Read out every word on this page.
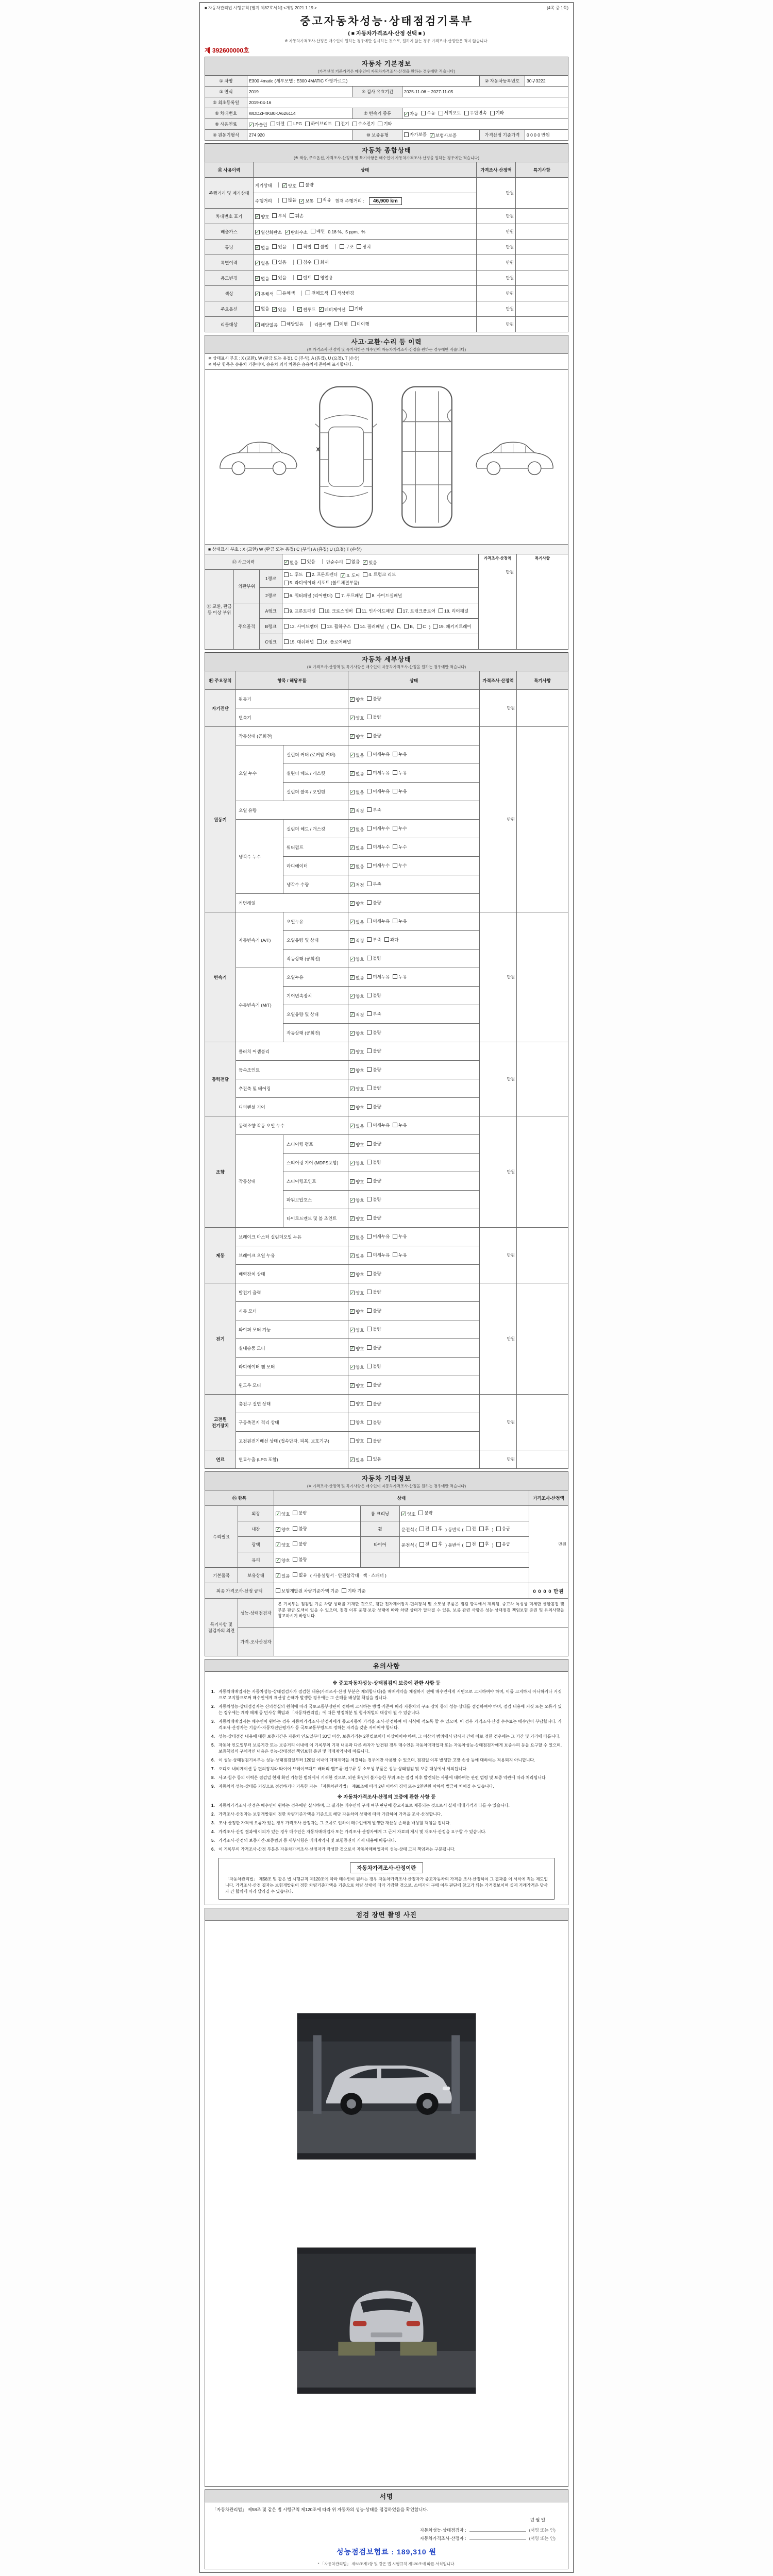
■ 자동차관리법 시행규칙 [별지 제82호서식] <개정 2021.1.19.>	(4쪽 중 1쪽)
중고자동차성능·상태점검기록부
( ■ 자동차가격조사·산정 선택 ■ )
※ 자동차가격조사·산정은 매수인이 원하는 경우에만 실시하는 것으로, 원하지 않는 경우 가격조사·산정란은 적지 않습니다.
제 392600000호
자동차 기본정보
(가격산정 기준가격은 매수인이 자동차가격조사·산정을 원하는 경우에만 적습니다)
① 차명	E300 4matic (세부모델 : E300 4MATIC 아방가르드)			② 자동차등록번호	30구3222
③ 연식	2019	④ 검사 유효기간	2025-11-06 ~ 2027-11-05		
⑤ 최초등록일	2019-04-16				
⑥ 차대번호	WDDZF4KB0KA626114	⑦ 변속기 종류	✓ 자동 수동 세미오토 무단변속 기타

⑧ 사용연료	✓ 가솔린 디젤 LPG 하이브리드 전기 수소전기 기타

⑨ 원동기형식	274 920	⑩ 보증유형	자가보증 ✓ 보험사보증	가격산정 기준가격	0 0 0 0 만원
자동차 종합상태
(※ 색상, 주요옵션, 가격조사·산정액 및 특기사항은 매수인이 자동차가격조사·산정을 원하는 경우에만 적습니다)
⑪ 사용이력	상태	가격조사·산정액	특기사항
주행거리 및 계기상태	계기상태 ✓ 양호 불량	만원	
주행거리	많음 ✓ 보통 적음 현재 주행거리 : 46,900 km
차대번호 표기	✓ 양호 부식 훼손	만원	
배출가스	✓ 일산화탄소 ✓ 탄화수소 매연 0.18 %, 5 ppm, %	만원	
튜닝	✓ 없음 있음	적법 불법	구조 장치	만원	
특별이력	✓ 없음 있음 침수 화재	만원	
용도변경	✓ 없음 있음 렌트 영업용	만원	
색상	✓ 무채색 유채색 전체도색 색상변경	만원	
주요옵션	없음 ✓ 있음 ✓ 썬루프 ✓ 네비게이션 기타	만원	
리콜대상	✓ 해당없음 해당있음 리콜이행 이행 미이행	만원	
사고·교환·수리 등 이력
(※ 가격조사·산정액 및 특기사항은 매수인이 자동차가격조사·산정을 원하는 경우에만 적습니다)
※ 상태표시 부호 : X (교환), W (판금 또는 용접), C (부식), A (흠집), U (요철), T (손상)
※ 하단 항목은 승용차 기준이며, 승용차 외의 차종은 승용차에 준하여 표시합니다.
X
■ 상태표시 부호 : X (교환) W (판금 또는 용접) C (부식) A (흠집) U (요철) T (손상)
⑫ 사고이력	✓ 없음 있음 단순수리 없음 ✓ 있음

가격조사·산정액
만원

특기사항

⑬ 교환, 판금 등 이상 부위	외판부위	1랭크	
1. 후드 2. 프론트펜더 ✓ 3. 도어 4. 트렁크 리드
5. 라디에이터 서포트 (볼트체결부품)

		2랭크	6. 쿼터패널 (리어펜더) 7. 루프패널 8. 사이드실패널		

	주요골격	A랭크	9. 프론트패널 10. 크로스멤버 11. 인사이드패널 17. 트렁크플로어 18. 리어패널		

B랭크	12. 사이드멤버 13. 휠하우스 14. 필러패널 ( A, B, C ) 19. 패키지트레이

		C랭크	15. 대쉬패널 16. 플로어패널		
자동차 세부상태
(※ 가격조사·산정액 및 특기사항은 매수인이 자동차가격조사·산정을 원하는 경우에만 적습니다)
⑭ 주요장치	항목 / 해당부품		상태	가격조사·산정액	특기사항
자기진단	원동기		✓ 양호 불량	만원	
	변속기		✓ 양호 불량		

원동기	작동상태 (공회전)		✓ 양호 불량	만원	
	오일 누수	실린더 커버 (로커암 커버)	✓ 없음 미세누유 누유		

		실린더 헤드 / 개스킷	✓ 없음 미세누유 누유		

		실린더 블록 / 오일팬	✓ 없음 미세누유 누유		

	오일 유량		✓ 적정 부족		

	냉각수 누수	실린더 헤드 / 개스킷	✓ 없음 미세누수 누수		

		워터펌프	✓ 없음 미세누수 누수		

		라디에이터	✓ 없음 미세누수 누수		

		냉각수 수량	✓ 적정 부족		

	커먼레일		✓ 양호 불량		

변속기	자동변속기 (A/T)	오일누유	✓ 없음 미세누유 누유	만원	
		오일유량 및 상태	✓ 적정 부족 과다		

		작동상태 (공회전)	✓ 양호 불량		

	수동변속기 (M/T)	오일누유	✓ 없음 미세누유 누유		

		기어변속장치	✓ 양호 불량		

		오일유량 및 상태	✓ 적정 부족		

		작동상태 (공회전)	✓ 양호 불량		

동력전달	클러치 어셈블리		✓ 양호 불량	만원	
	등속조인트		✓ 양호 불량		

	추진축 및 베어링		✓ 양호 불량		

	디퍼렌셜 기어		✓ 양호 불량		

조향	동력조향 작동 오일 누수		✓ 없음 미세누유 누유	만원	
	작동상태	스티어링 펌프	✓ 양호 불량		

		스티어링 기어 (MDPS포함)	✓ 양호 불량		

		스티어링조인트	✓ 양호 불량		

		파워고압호스	✓ 양호 불량		

		타이로드엔드 및 볼 조인트	✓ 양호 불량		

제동	브레이크 마스터 실린더오일 누유		✓ 없음 미세누유 누유	만원	
	브레이크 오일 누유		✓ 없음 미세누유 누유		

	배력장치 상태		✓ 양호 불량		

전기	발전기 출력		✓ 양호 불량	만원	
	시동 모터		✓ 양호 불량		

	와이퍼 모터 기능		✓ 양호 불량		

	실내송풍 모터		✓ 양호 불량		

	라디에이터 팬 모터		✓ 양호 불량		

	윈도우 모터		✓ 양호 불량		

고전원 전기장치	충전구 절연 상태		양호 불량	만원	
	구동축전지 격리 상태		양호 불량		

	고전원전기배선 상태 (접속단자, 피복, 보호기구)		양호 불량		

연료	연료누출 (LPG 포함)		✓ 없음 있음	만원	
자동차 기타정보
(※ 가격조사·산정액 및 특기사항은 매수인이 자동차가격조사·산정을 원하는 경우에만 적습니다)
⑮ 항목		상태			가격조사·산정액
수리필요	외장	✓ 양호 불량	룸 크리닝	✓ 양호 불량	만원
내장	✓ 양호 불량	휠	운전석 ( 전 후 ) 동반석 ( 전 후 ) 응급

광택	✓ 양호 불량	타이어	운전석 ( 전 후 ) 동반석 ( 전 후 ) 응급

	유리	✓ 양호 불량			

기본품목	보유상태	✓ 있음 없음 ( 사용설명서 · 안전삼각대 · 잭 · 스패너 )			
최종 가격조사·산정 금액		보험개발원 차량기준가액 기준 기타 기준			0 0 0 0 만원
특기사항 및 점검자의 의견	성능·상태점검자	본 기록부는 점검일 기준 차량 상태를 기재한 것으로, 첨단 전자제어장치·편의장치 및 소모성 부품은 점검 항목에서 제외됨. 중고차 특성상 미세한 생활흠집 및 부분 판금·도색이 있을 수 있으며, 점검 이후 운행·보관 상태에 따라 차량 상태가 달라질 수 있음. 보증 관련 사항은 성능·상태점검 책임보험 증권 및 유의사항을 참고하시기 바랍니다.			
	가격·조사산정자				
유의사항
※ 중고자동차성능·상태점검의 보증에 관한 사항 등
1. 자동차매매업자는 자동차성능·상태점검자가 점검한 내용(가격조사·산정 부분은 제외합니다)을 매매계약을 체결하기 전에 매수인에게 서면으로 고지하여야 하며, 이를 고지하지 아니하거나 거짓으로 고지함으로써 매수인에게 재산상 손해가 발생한 경우에는 그 손해를 배상할 책임을 집니다.
2. 자동차성능·상태점검자는 신의성실의 원칙에 따라 국토교통부장관이 정하여 고시하는 방법·기준에 따라 자동차의 구조·장치 등의 성능·상태를 점검하여야 하며, 점검 내용에 거짓 또는 오류가 있는 경우에는 계약 해제 등 민사상 책임과 「자동차관리법」에 따른 행정처분 및 형사처벌의 대상이 될 수 있습니다.
3. 자동차매매업자는 매수인이 원하는 경우 자동차가격조사·산정자에게 중고자동차 가격을 조사·산정하여 이 서식에 적도록 할 수 있으며, 이 경우 가격조사·산정 수수료는 매수인이 부담합니다. 가격조사·산정자는 기술사·자동차진단평가사 등 국토교통부령으로 정하는 자격을 갖춘 자이어야 합니다.
4. 성능·상태점검 내용에 대한 보증기간은 자동차 인도일부터 30일 이상, 보증거리는 2천킬로미터 이상이어야 하며, 그 이상의 범위에서 당사자 간에 따로 정한 경우에는 그 기간 및 거리에 따릅니다.
5. 자동차 인도일부터 보증기간 또는 보증거리 이내에 이 기록부의 기재 내용과 다른 하자가 발견된 경우 매수인은 자동차매매업자 또는 자동차성능·상태점검자에게 보증수리 등을 요구할 수 있으며, 보증책임의 구체적인 내용은 성능·상태점검 책임보험 증권 및 매매계약서에 따릅니다.
6. 이 성능·상태점검기록부는 성능·상태점검일부터 120일 이내에 매매계약을 체결하는 경우에만 사용할 수 있으며, 점검일 이후 발생한 고장·손상 등에 대하여는 적용되지 아니합니다.
7. 오디오·내비게이션 등 편의장치와 타이어·브레이크패드·배터리·벨트류·전구류 등 소모성 부품은 성능·상태점검 및 보증 대상에서 제외됩니다.
8. 사고·침수 등의 이력은 점검일 현재 확인 가능한 범위에서 기재한 것으로, 외관 확인이 불가능한 부위 또는 점검 이후 발견되는 사항에 대하여는 관련 법령 및 보증 약관에 따라 처리됩니다.
9. 자동차의 성능·상태를 거짓으로 점검하거나 기록한 자는 「자동차관리법」 제80조에 따라 2년 이하의 징역 또는 2천만원 이하의 벌금에 처해질 수 있습니다.
※ 자동차가격조사·산정의 보증에 관한 사항 등
1. 자동차가격조사·산정은 매수인이 원하는 경우에만 실시하며, 그 결과는 매수인의 구매 여부 판단에 참고자료로 제공되는 것으로서 실제 매매가격과 다를 수 있습니다.
2. 가격조사·산정자는 보험개발원이 정한 차량기준가액을 기준으로 해당 자동차의 상태에 따라 가감하여 가격을 조사·산정합니다.
3. 조사·산정한 가격에 오류가 있는 경우 가격조사·산정자는 그 오류로 인하여 매수인에게 발생한 재산상 손해를 배상할 책임을 집니다.
4. 가격조사·산정 결과에 이의가 있는 경우 매수인은 자동차매매업자 또는 가격조사·산정자에게 그 근거 자료의 제시 및 재조사·산정을 요구할 수 있습니다.
5. 가격조사·산정의 보증기간·보증범위 등 세부사항은 매매계약서 및 보험증권의 기재 내용에 따릅니다.
6. 이 기록부의 가격조사·산정 부분은 자동차가격조사·산정자가 작성한 것으로서 자동차매매업자의 성능·상태 고지 책임과는 구분됩니다.
자동차가격조사·산정이란
「자동차관리법」 제58조 및 같은 법 시행규칙 제120조에 따라 매수인이 원하는 경우 자동차가격조사·산정자가 중고자동차의 가격을 조사·산정하여 그 결과를 이 서식에 적는 제도입니다. 가격조사·산정 결과는 보험개발원이 정한 차량기준가액을 기준으로 차량 상태에 따라 가감한 것으로, 소비자의 구매 여부 판단에 참고가 되는 가격정보이며 실제 거래가격은 당사자 간 합의에 따라 달라질 수 있습니다.
점검 장면 촬영 사진
서명
「자동차관리법」 제58조 및 같은 법 시행규칙 제120조에 따라 위 자동차의 성능·상태를 점검하였음을 확인합니다.
년 월 일
자동차성능·상태점검자 :	(서명 또는 인)
자동차가격조사·산정자 :	(서명 또는 인)
성능점검보험료 : 189,310 원
* 「자동차관리법」 제58조제1항 및 같은 법 시행규칙 제120조에 따른 서식입니다.
